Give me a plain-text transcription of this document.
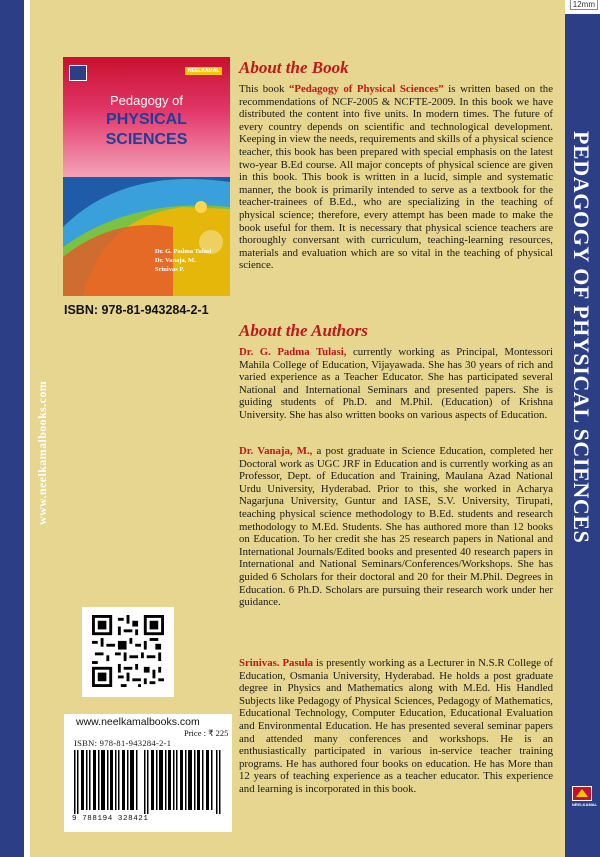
12mm
www.neelkamalbooks.com
NEELKAMAL
Pedagogy of
PHYSICAL
SCIENCES
Dr. G. Padma Tulasi
Dr. Vanaja, M.
Srinivas P.
ISBN: 978-81-943284-2-1
About the Book
This book “Pedagogy of Physical Sciences” is written based on the recommendations of NCF-2005 & NCFTE-2009. In this book we have distributed the content into five units. In modern times. The future of every country depends on scientific and technological development. Keeping in view the needs, requirements and skills of a physical science teacher, this book has been prepared with special emphasis on the latest two-year B.Ed course. All major concepts of physical science are given in this book. This book is written in a lucid, simple and systematic manner, the book is primarily intended to serve as a textbook for the teacher-trainees of B.Ed., who are specializing in the teaching of physical science; therefore, every attempt has been made to make the book useful for them. It is necessary that physical science teachers are thoroughly conversant with curriculum, teaching-learning resources, materials and evaluation which are so vital in the teaching of physical science.
About the Authors
Dr. G. Padma Tulasi, currently working as Principal, Montessori Mahila College of Education, Vijayawada. She has 30 years of rich and varied experience as a Teacher Educator. She has participated several National and International Seminars and presented papers. She is guiding students of Ph.D. and M.Phil. (Education) of Krishna University. She has also written books on various aspects of Education.
Dr. Vanaja, M., a post graduate in Science Education, completed her Doctoral work as UGC JRF in Education and is currently working as an Professor, Dept. of Education and Training, Maulana Azad National Urdu University, Hyderabad. Prior to this, she worked in Acharya Nagarjuna University, Guntur and IASE, S.V. University, Tirupati, teaching physical science methodology to B.Ed. students and research methodology to M.Ed. Students. She has authored more than 12 books on Education. To her credit she has 25 research papers in National and International Journals/Edited books and presented 40 research papers in International and National Seminars/Conferences/Workshops. She has guided 6 Scholars for their doctoral and 20 for their M.Phil. Degrees in Education. 6 Ph.D. Scholars are pursuing their research work under her guidance.
Srinivas. Pasula is presently working as a Lecturer in N.S.R College of Education, Osmania University, Hyderabad. He holds a post graduate degree in Physics and Mathematics along with M.Ed. His Handled Subjects like Pedagogy of Physical Sciences, Pedagogy of Mathematics, Educational Technology, Computer Education, Educational Evaluation and Environmental Education. He has presented several seminar papers and attended many conferences and workshops. He is an enthusiastically participated in various in-service teacher training programs. He has authored four books on education. He has More than 12 years of teaching experience as a teacher educator. This experience and learning is incorporated in this book.
www.neelkamalbooks.com
Price : ₹ 225
ISBN: 978-81-943284-2-1
9 788194 328421
PEDAGOGY OF PHYSICAL SCIENCES
NEELKAMAL
